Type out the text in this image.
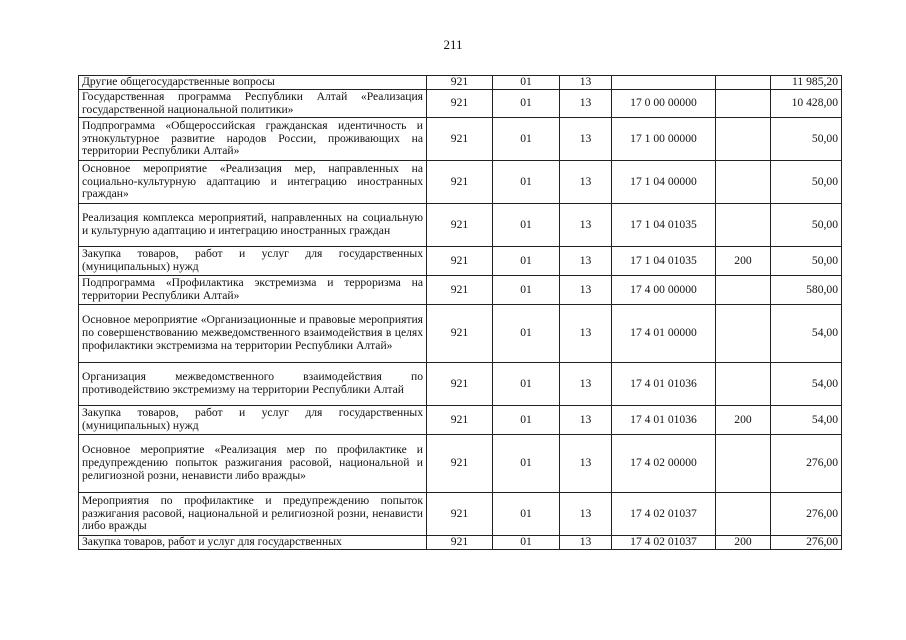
211
Другие общегосударственные вопросы	921	01	13			11 985,20
Государственная программа Республики Алтай «Реализация государственной национальной политики»	921	01	13	17 0 00 00000		10 428,00
Подпрограмма «Общероссийская гражданская идентичность и этнокультурное развитие народов России, проживающих на территории Республики Алтай»	921	01	13	17 1 00 00000		50,00
Основное мероприятие «Реализация мер, направленных на социально-культурную адаптацию и интеграцию иностранных граждан»	921	01	13	17 1 04 00000		50,00
Реализация комплекса мероприятий, направленных на социальную и культурную адаптацию и интеграцию иностранных граждан	921	01	13	17 1 04 01035		50,00
Закупка товаров, работ и услуг для государственных (муниципальных) нужд	921	01	13	17 1 04 01035	200	50,00
Подпрограмма «Профилактика экстремизма и терроризма на территории Республики Алтай»	921	01	13	17 4 00 00000		580,00
Основное мероприятие «Организационные и правовые мероприятия по совершенствованию межведомственного взаимодействия в целях профилактики экстремизма на территории Республики Алтай»	921	01	13	17 4 01 00000		54,00
Организация межведомственного взаимодействия по противодействию экстремизму на территории Республики Алтай	921	01	13	17 4 01 01036		54,00
Закупка товаров, работ и услуг для государственных (муниципальных) нужд	921	01	13	17 4 01 01036	200	54,00
Основное мероприятие «Реализация мер по профилактике и предупреждению попыток разжигания расовой, национальной и религиозной розни, ненависти либо вражды»	921	01	13	17 4 02 00000		276,00
Мероприятия по профилактике и предупреждению попыток разжигания расовой, национальной и религиозной розни, ненависти либо вражды	921	01	13	17 4 02 01037		276,00
Закупка товаров, работ и услуг для государственных	921	01	13	17 4 02 01037	200	276,00
